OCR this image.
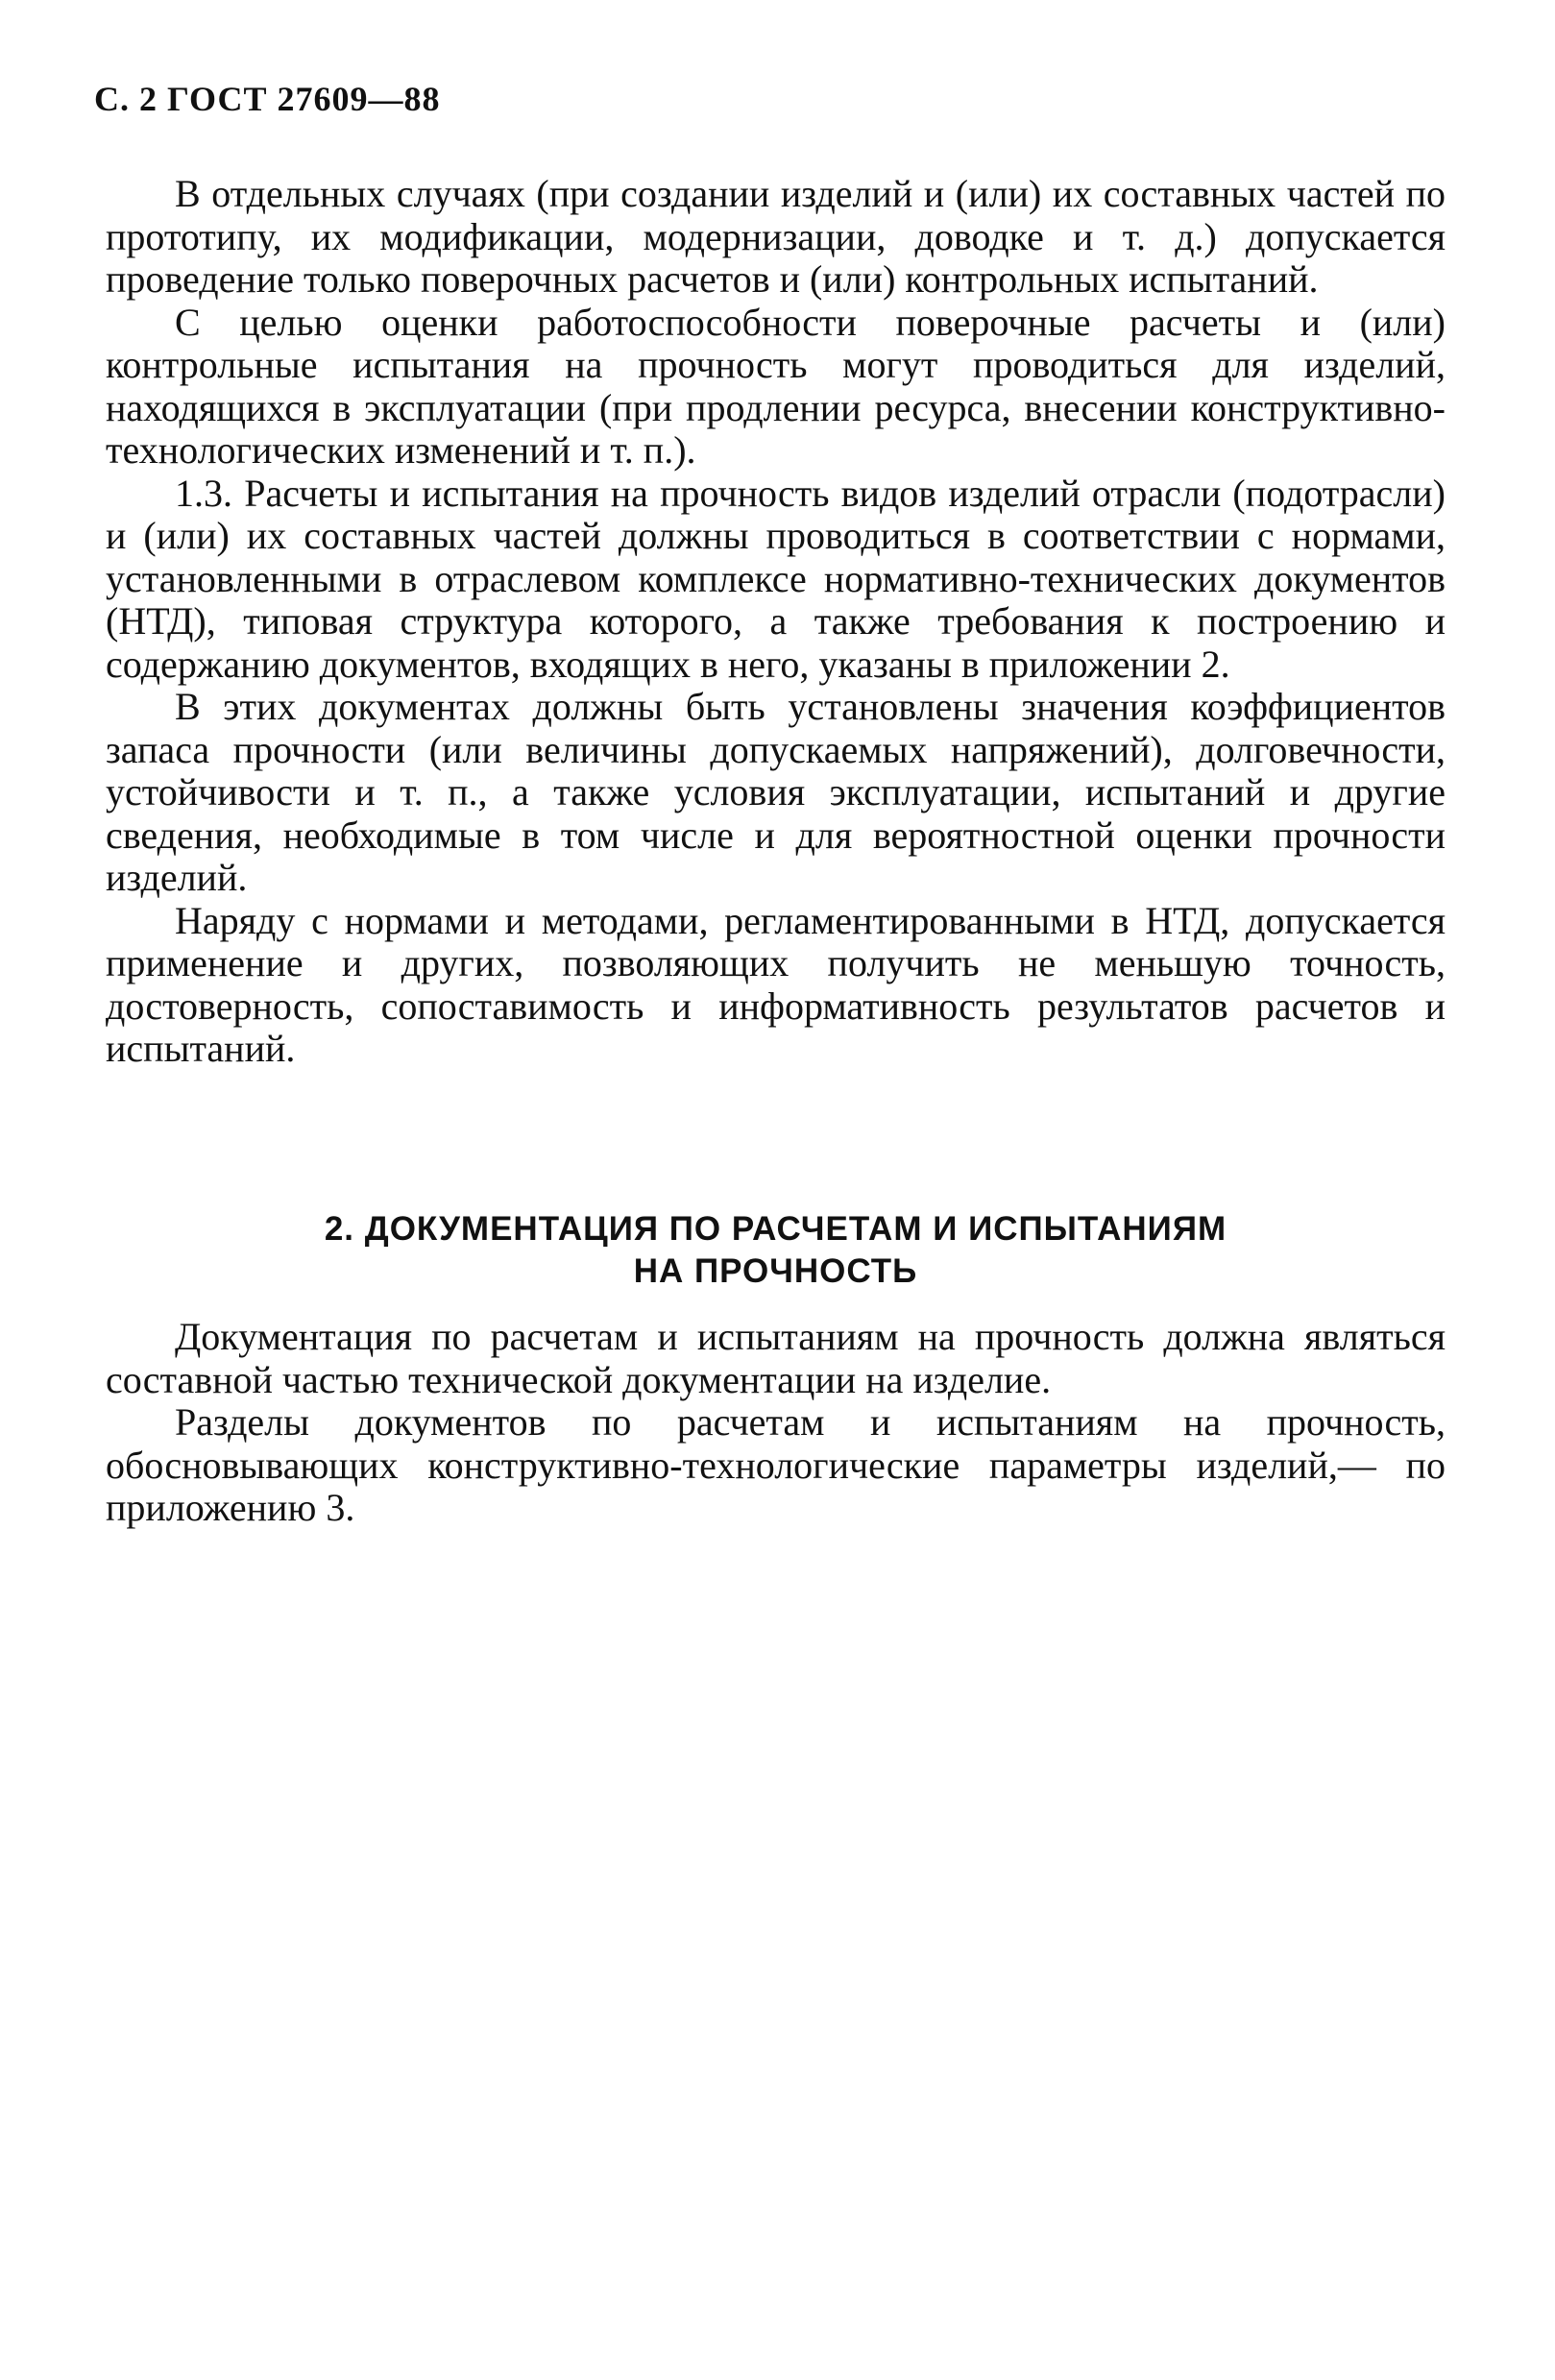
С. 2 ГОСТ 27609—88

В отдельных случаях (при создании изделий и (или) их составных частей по прототипу, их модификации, модернизации, доводке и т. д.) допускается проведение только поверочных расчетов и (или) контрольных испытаний.

С целью оценки работоспособности поверочные расчеты и (или) контрольные испытания на прочность могут проводиться для изделий, находящихся в эксплуатации (при продлении ресурса, внесении конструктивно-технологических изменений и т. п.).

1.3. Расчеты и испытания на прочность видов изделий отрасли (подотрасли) и (или) их составных частей должны проводиться в соответствии с нормами, установленными в отраслевом комплексе нормативно-технических документов (НТД), типовая структура которого, а также требования к построению и содержанию документов, входящих в него, указаны в приложении 2.

В этих документах должны быть установлены значения коэффициентов запаса прочности (или величины допускаемых напряжений), долговечности, устойчивости и т. п., а также условия эксплуатации, испытаний и другие сведения, необходимые в том числе и для вероятностной оценки прочности изделий.

Наряду с нормами и методами, регламентированными в НТД, допускается применение и других, позволяющих получить не меньшую точность, достоверность, сопоставимость и информативность результатов расчетов и испытаний.

2. ДОКУМЕНТАЦИЯ ПО РАСЧЕТАМ И ИСПЫТАНИЯМ
НА ПРОЧНОСТЬ

Документация по расчетам и испытаниям на прочность должна являться составной частью технической документации на изделие.

Разделы документов по расчетам и испытаниям на прочность, обосновывающих конструктивно-технологические параметры изделий,— по приложению 3.
